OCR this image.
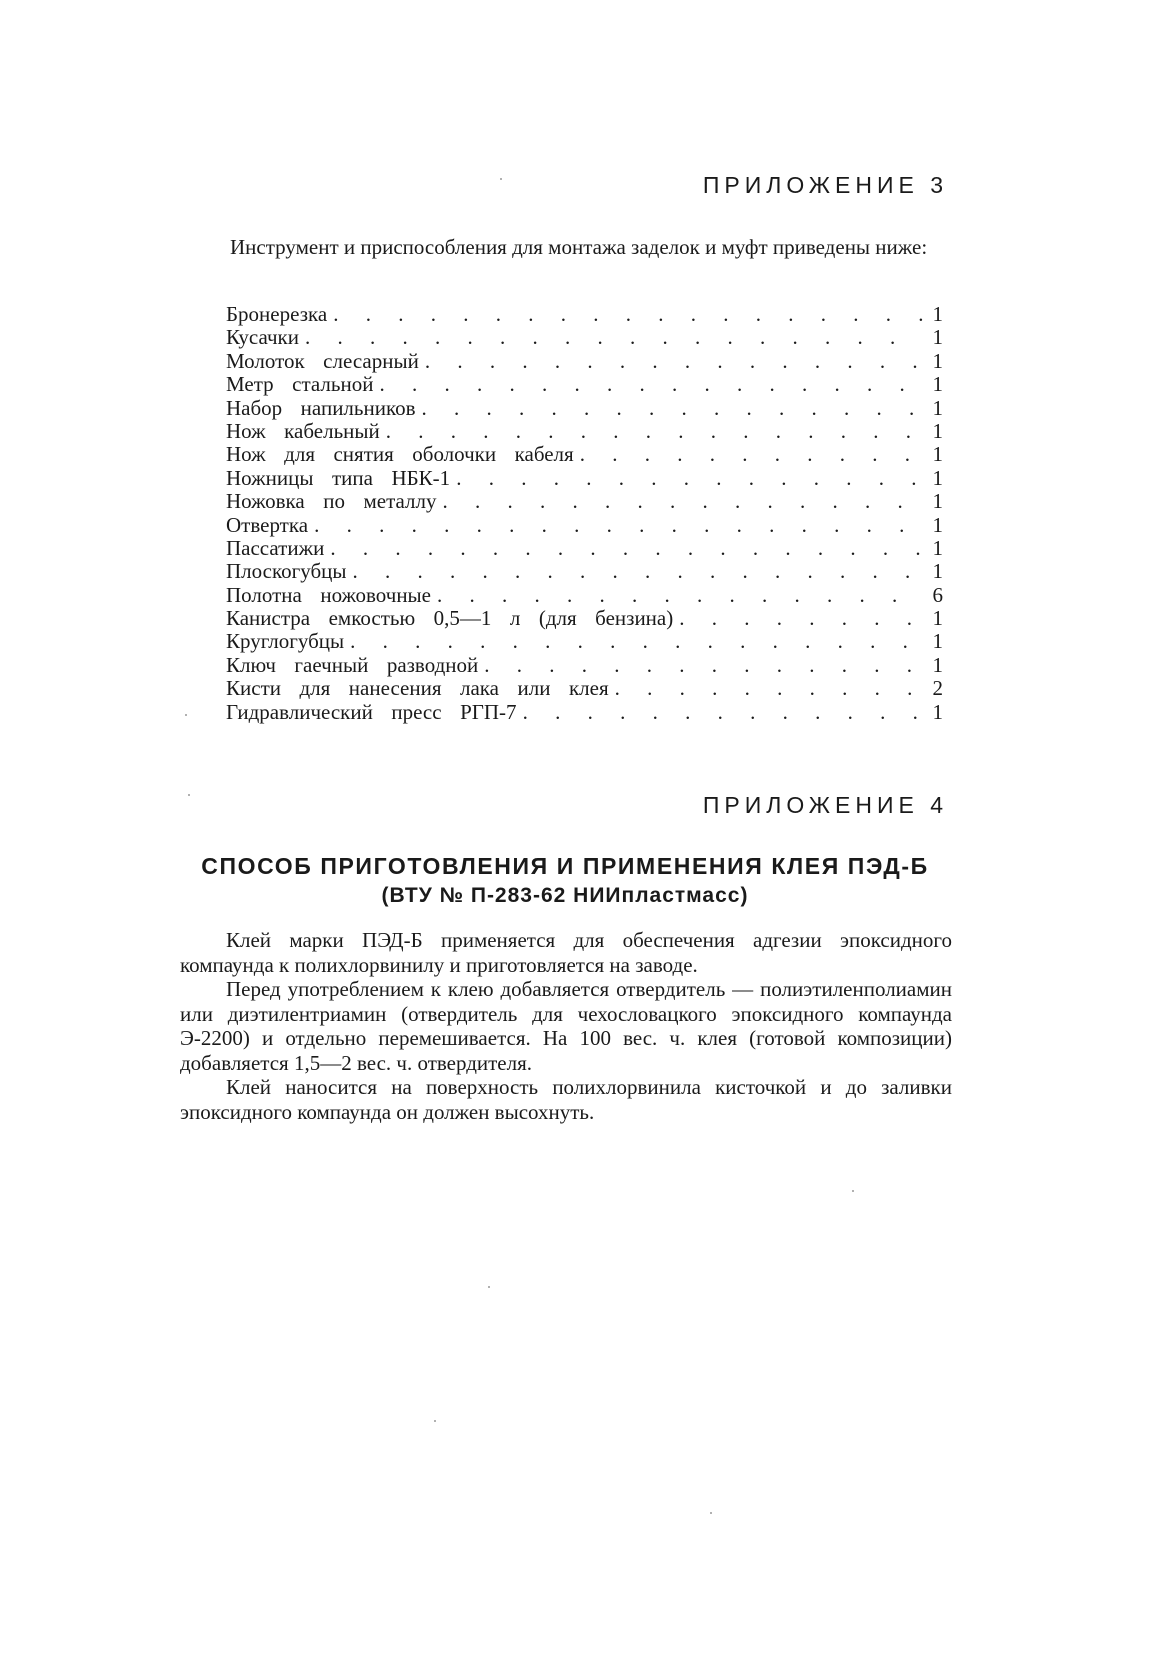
ПРИЛОЖЕНИЕ 3

Инструмент и приспособления для монтажа заделок и муфт приведены ниже:

Бронерезка . . .	1
Кусачки . . .	1
Молоток  слесарный . . .	1
Метр  стальной . . .	1
Набор  напильников . . .	1
Нож  кабельный . . .	1
Нож  для  снятия  оболочки  кабеля . . .	1
Ножницы  типа  НБК-1 . . .	1
Ножовка  по  металлу . . .	1
Отвертка . . .	1
Пассатижи . . .	1
Плоскогубцы . . .	1
Полотна  ножовочные . . .	6
Канистра  емкостью  0,5—1  л  (для  бензина) . . .	1
Круглогубцы . . .	1
Ключ  гаечный  разводной . . .	1
Кисти  для  нанесения  лака  или  клея . . .	2
Гидравлический  пресс  РГП-7 . . .	1
ПРИЛОЖЕНИЕ 4
СПОСОБ ПРИГОТОВЛЕНИЯ И ПРИМЕНЕНИЯ КЛЕЯ ПЭД-Б
(ВТУ № П-283-62 НИИпластмасс)

Клей марки ПЭД-Б применяется для обеспечения адгезии эпоксидного компаунда к полихлорвинилу и приготовляется на заводе.

Перед употреблением к клею добавляется отвердитель — полиэтиленполиамин или диэтилентриамин (отвердитель для чехословацкого эпоксидного компаунда Э-2200) и отдельно перемешивается. На 100 вес. ч. клея (готовой композиции) добавляется 1,5—2 вес. ч. отвердителя.

Клей наносится на поверхность полихлорвинила кисточкой и до заливки эпоксидного компаунда он должен высохнуть.
